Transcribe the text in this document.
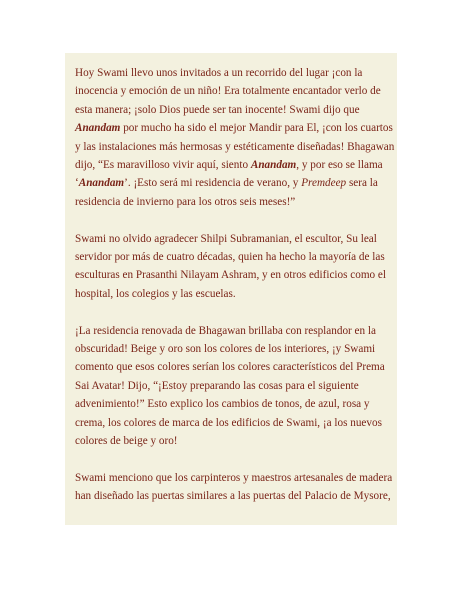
Hoy Swami llevo unos invitados a un recorrido del lugar ¡con la
inocencia y emoción de un niño! Era totalmente encantador verlo de
esta manera; ¡solo Dios puede ser tan inocente! Swami dijo que
Anandam por mucho ha sido el mejor Mandir para El, ¡con los cuartos
y las instalaciones más hermosas y estéticamente diseñadas! Bhagawan
dijo, “Es maravilloso vivir aquí, siento Anandam, y por eso se llama
‘Anandam’. ¡Esto será mi residencia de verano, y Premdeep sera la
residencia de invierno para los otros seis meses!”

Swami no olvido agradecer Shilpi Subramanian, el escultor, Su leal
servidor por más de cuatro décadas, quien ha hecho la mayoría de las
esculturas en Prasanthi Nilayam Ashram, y en otros edificios como el
hospital, los colegios y las escuelas.

¡La residencia renovada de Bhagawan brillaba con resplandor en la
obscuridad! Beige y oro son los colores de los interiores, ¡y Swami
comento que esos colores serían los colores característicos del Prema
Sai Avatar! Dijo, “¡Estoy preparando las cosas para el siguiente
advenimiento!” Esto explico los cambios de tonos, de azul, rosa y
crema, los colores de marca de los edificios de Swami, ¡a los nuevos
colores de beige y oro!

Swami menciono que los carpinteros y maestros artesanales de madera
han diseñado las puertas similares a las puertas del Palacio de Mysore,
